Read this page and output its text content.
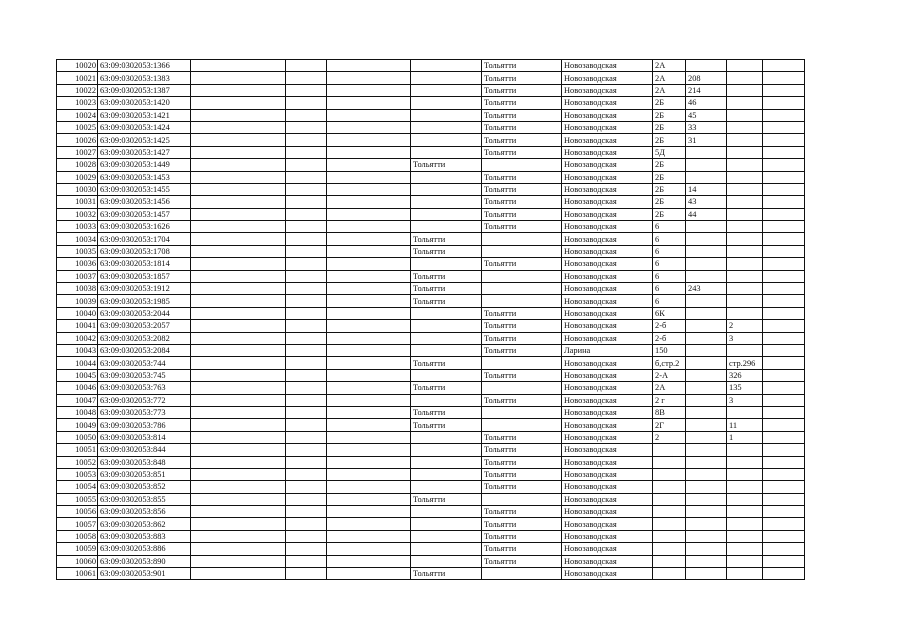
10020	63:09:0302053:1366					Тольятти	Новозаводская	2А			
10021	63:09:0302053:1383					Тольятти	Новозаводская	2А	208		
10022	63:09:0302053:1387					Тольятти	Новозаводская	2А	214		
10023	63:09:0302053:1420					Тольятти	Новозаводская	2Б	46		
10024	63:09:0302053:1421					Тольятти	Новозаводская	2Б	45		
10025	63:09:0302053:1424					Тольятти	Новозаводская	2Б	33		
10026	63:09:0302053:1425					Тольятти	Новозаводская	2Б	31		
10027	63:09:0302053:1427					Тольятти	Новозаводская	5Д			
10028	63:09:0302053:1449				Тольятти		Новозаводская	2Б			
10029	63:09:0302053:1453					Тольятти	Новозаводская	2Б			
10030	63:09:0302053:1455					Тольятти	Новозаводская	2Б	14		
10031	63:09:0302053:1456					Тольятти	Новозаводская	2Б	43		
10032	63:09:0302053:1457					Тольятти	Новозаводская	2Б	44		
10033	63:09:0302053:1626					Тольятти	Новозаводская	6			
10034	63:09:0302053:1704				Тольятти		Новозаводская	6			
10035	63:09:0302053:1708				Тольятти		Новозаводская	6			
10036	63:09:0302053:1814					Тольятти	Новозаводская	6			
10037	63:09:0302053:1857				Тольятти		Новозаводская	6			
10038	63:09:0302053:1912				Тольятти		Новозаводская	6	243		
10039	63:09:0302053:1985				Тольятти		Новозаводская	6			
10040	63:09:0302053:2044					Тольятти	Новозаводская	6К			
10041	63:09:0302053:2057					Тольятти	Новозаводская	2-б		2	
10042	63:09:0302053:2082					Тольятти	Новозаводская	2-б		3	
10043	63:09:0302053:2084					Тольятти	Ларина	150			
10044	63:09:0302053:744				Тольятти		Новозаводская	б,стр.2		стр.296	
10045	63:09:0302053:745					Тольятти	Новозаводская	2-А		326	
10046	63:09:0302053:763				Тольятти		Новозаводская	2А		135	
10047	63:09:0302053:772					Тольятти	Новозаводская	2 г		3	
10048	63:09:0302053:773				Тольятти		Новозаводская	8В			
10049	63:09:0302053:786				Тольятти		Новозаводская	2Г		11	
10050	63:09:0302053:814					Тольятти	Новозаводская	2		1	
10051	63:09:0302053:844					Тольятти	Новозаводская				
10052	63:09:0302053:848					Тольятти	Новозаводская				
10053	63:09:0302053:851					Тольятти	Новозаводская				
10054	63:09:0302053:852					Тольятти	Новозаводская				
10055	63:09:0302053:855				Тольятти		Новозаводская				
10056	63:09:0302053:856					Тольятти	Новозаводская				
10057	63:09:0302053:862					Тольятти	Новозаводская				
10058	63:09:0302053:883					Тольятти	Новозаводская				
10059	63:09:0302053:886					Тольятти	Новозаводская				
10060	63:09:0302053:890					Тольятти	Новозаводская				
10061	63:09:0302053:901				Тольятти		Новозаводская				
